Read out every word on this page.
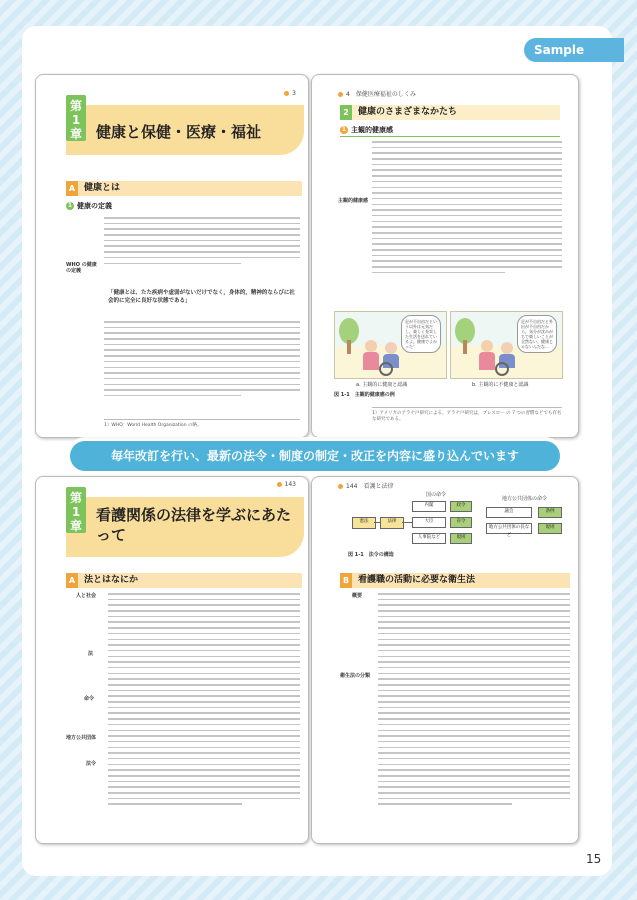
Sample
3
第1章 健康と保健・医療・福祉
A 健康とは
1 健康の定義
WHO の健康の定義
「健康とは、たた疾病や虚弱がないだけでなく，身体的，精神的ならびに社会的に完全に良好な状態である」
1）WHO：World Health Organization の略。
4　保健医療福祉のしくみ
2	健康のさまざまなかたち
1 主観的健康感
主観的健康感
足が不自由だという以外は元気だし，楽しく充実した生活を送れているよ。健康でよかった！
a. 主観的に健康と認識
足が不自由だと外出が不自由だから，気分が沈みがちで楽しいことが全然ない。健康じゃないんだな…
b. 主観的に不健康と認識
図 1-1　主観的健康感の例
1）アメリカのアラナ戸研究による。アラナ戸研究は，ブレスロー の 7 つの習慣などでも有名な研究である。
毎年改訂を行い、最新の法令・制度の制定・改正を内容に盛り込んでいます
143
第1章
看護関係の法律を学ぶにあたって
A 法とはなにか
人と社会
法
命令
地方公共団体
法令
144　看護と法律
国の命令
憲法	法律
内閣
大臣
人事院など
政令
省令
規則
地方公共団体の命令
議会
地方公共団体の長など
条例
規則
図 1-1　法令の構造
B 看護職の活動に必要な衛生法
概要
衛生法の分類
15
